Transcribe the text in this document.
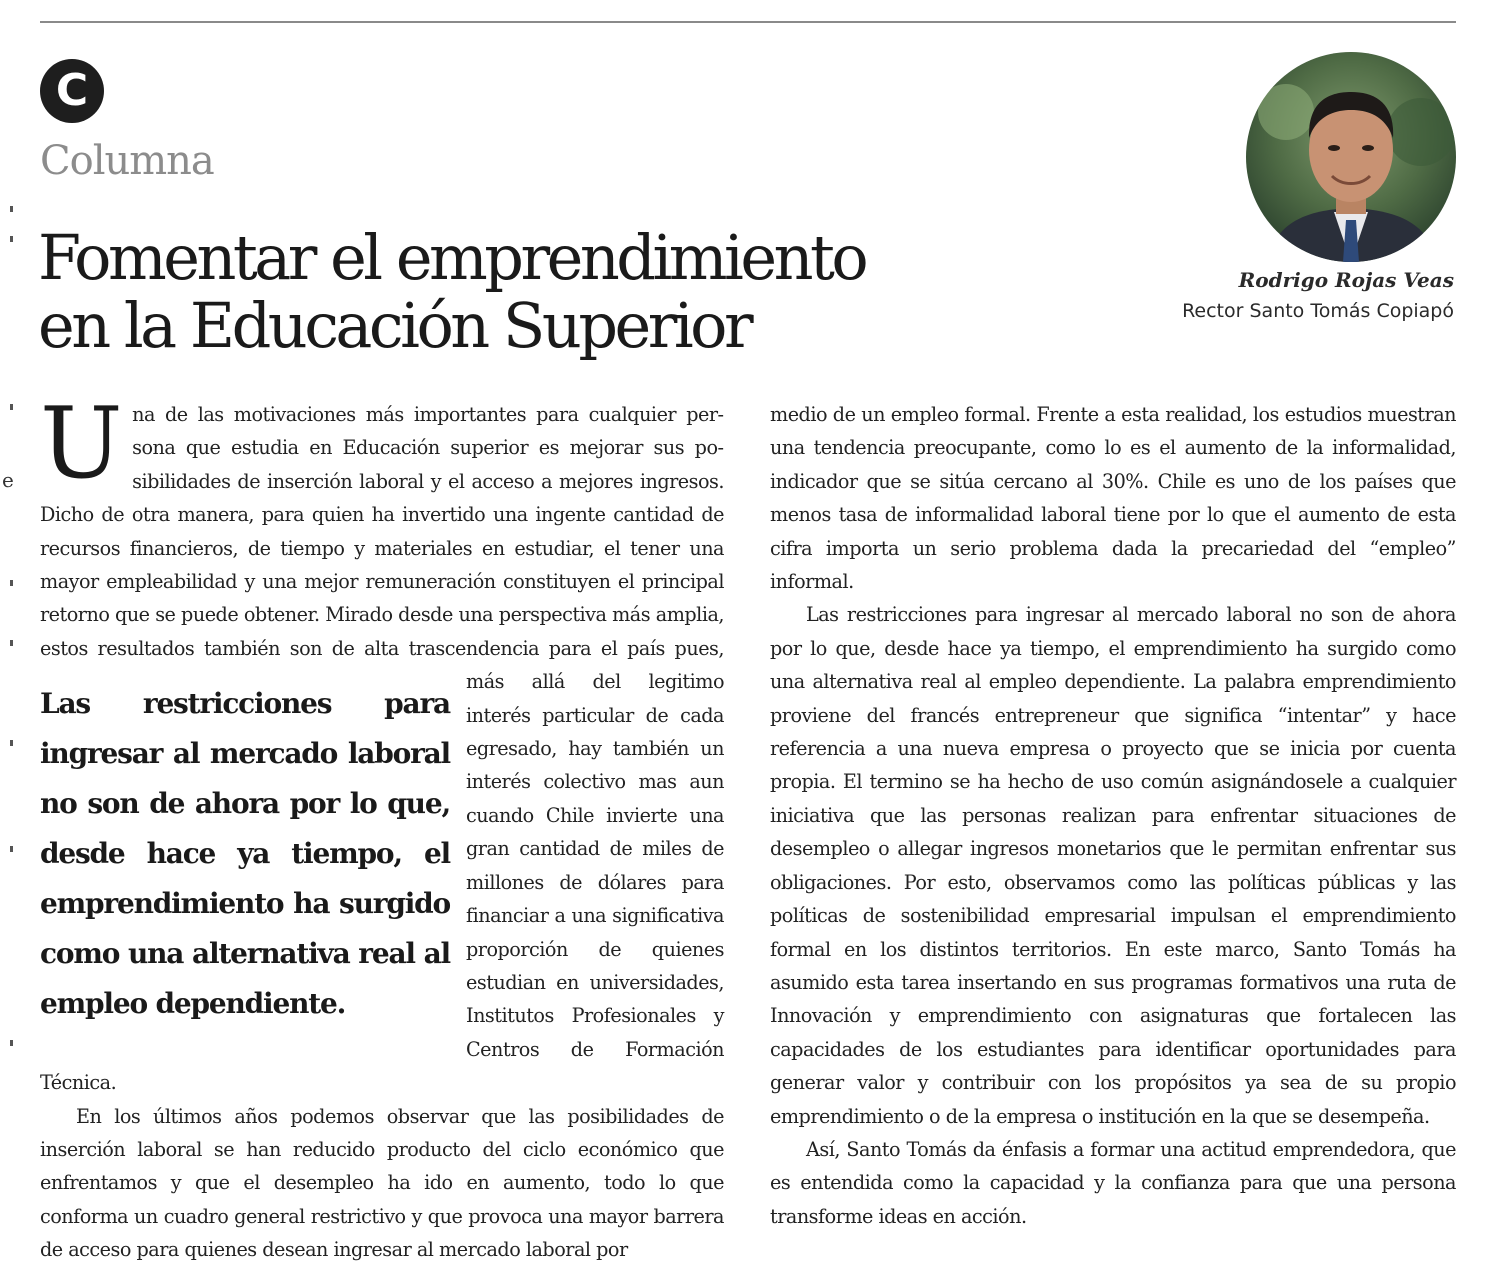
e
C
Columna
Fomentar el emprendimiento en la Educación Superior
Rodrigo Rojas Veas
Rector Santo Tomás Copiapó

U na de las motivaciones más importantes para cualquier persona que estudia en Educación superior es mejorar sus posibilidades de inserción laboral y el acceso a mejores ingresos. Dicho de otra manera, para quien ha invertido una ingente cantidad de recursos financieros, de tiempo y materiales en estudiar, el tener una mayor empleabilidad y una mejor remuneración constituyen el principal retorno que se puede obtener. Mirado desde una perspectiva más amplia, estos resultados también son de alta tras
Las restricciones para ingresar al mercado laboral no son de ahora por lo que, desde hace ya tiempo, el emprendimiento ha surgido como una alternativa real al empleo dependiente.
cendencia para el país pues, más allá del legitimo interés particular de cada egresado, hay también un interés colectivo mas aun cuando Chile invierte una gran cantidad de miles de millones de dólares para financiar a una significativa proporción de quienes estudian en universidades, Institutos Profesionales y Centros de Formación Técnica.

En los últimos años podemos observar que las posibilidades de inserción laboral se han reducido producto del ciclo económico que enfrentamos y que el desempleo ha ido en aumento, todo lo que conforma un cuadro general restrictivo y que provoca una mayor barrera de acceso para quienes desean ingresar al mercado laboral por

medio de un empleo formal. Frente a esta realidad, los estudios muestran una tendencia preocupante, como lo es el aumento de la informalidad, indicador que se sitúa cercano al 30%. Chile es uno de los países que menos tasa de informalidad laboral tiene por lo que el aumento de esta cifra importa un serio problema dada la precariedad del “empleo” informal.

Las restricciones para ingresar al mercado laboral no son de ahora por lo que, desde hace ya tiempo, el emprendimiento ha surgido como una alternativa real al empleo dependiente. La palabra emprendimiento proviene del francés entrepreneur que significa “intentar” y hace referencia a una nueva empresa o proyecto que se inicia por cuenta propia. El termino se ha hecho de uso común asignándosele a cualquier iniciativa que las personas realizan para enfrentar situaciones de desempleo o allegar ingresos monetarios que le permitan enfrentar sus obligaciones. Por esto, observamos como las políticas públicas y las políticas de sostenibilidad empresarial impulsan el emprendimiento formal en los distintos territorios. En este marco, Santo Tomás ha asumido esta tarea insertando en sus programas formativos una ruta de Innovación y emprendimiento con asignaturas que fortalecen las capacidades de los estudiantes para identificar oportunidades para generar valor y contribuir con los propósitos ya sea de su propio emprendimiento o de la empresa o institución en la que se desempeña.

Así, Santo Tomás da énfasis a formar una actitud emprendedora, que es entendida como la capacidad y la confianza para que una persona transforme ideas en acción.
